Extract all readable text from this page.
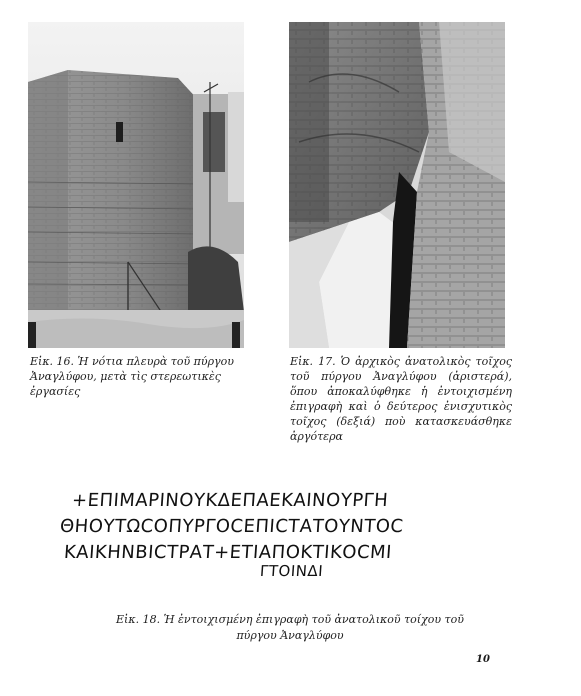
Εἰκ. 16. Ἡ νότια πλευρὰ τοῦ πύργου Ἀναγλύφου, μετὰ τὶς στερεωτικὲς ἐργασίες
Εἰκ. 17. Ὁ ἀρχικὸς ἀνατολικὸς τοῖχος τοῦ πύργου Ἀναγλύφου (ἀριστερά), ὅπου ἀποκαλύφθηκε ἡ ἐντοιχισμένη ἐπιγραφὴ καὶ ὁ δεύτερος ἐνισχυτικὸς τοῖχος (δεξιά) ποὺ κατασκευάσθηκε ἀργότερα
+ΕΠΙΜΑΡΙΝΟΥΚΔΕΠΑΕΚΑΙΝΟΥΡΓΗ
ΘΗΟΥΤΩCΟΠΥΡΓΟCΕΠΙCΤΑΤΟΥΝΤΟC
ΚΑΙΚΗΝΒΙCΤΡΑΤ+ΕΤΙΑΠΟΚΤΙΚΟCΜΙ
ΓΤΟΙΝΔΙ
Εἰκ. 18. Ἡ ἐντοιχισμένη ἐπιγραφὴ τοῦ ἀνατολικοῦ τοίχου τοῦ πύργου Ἀναγλύφου
10
